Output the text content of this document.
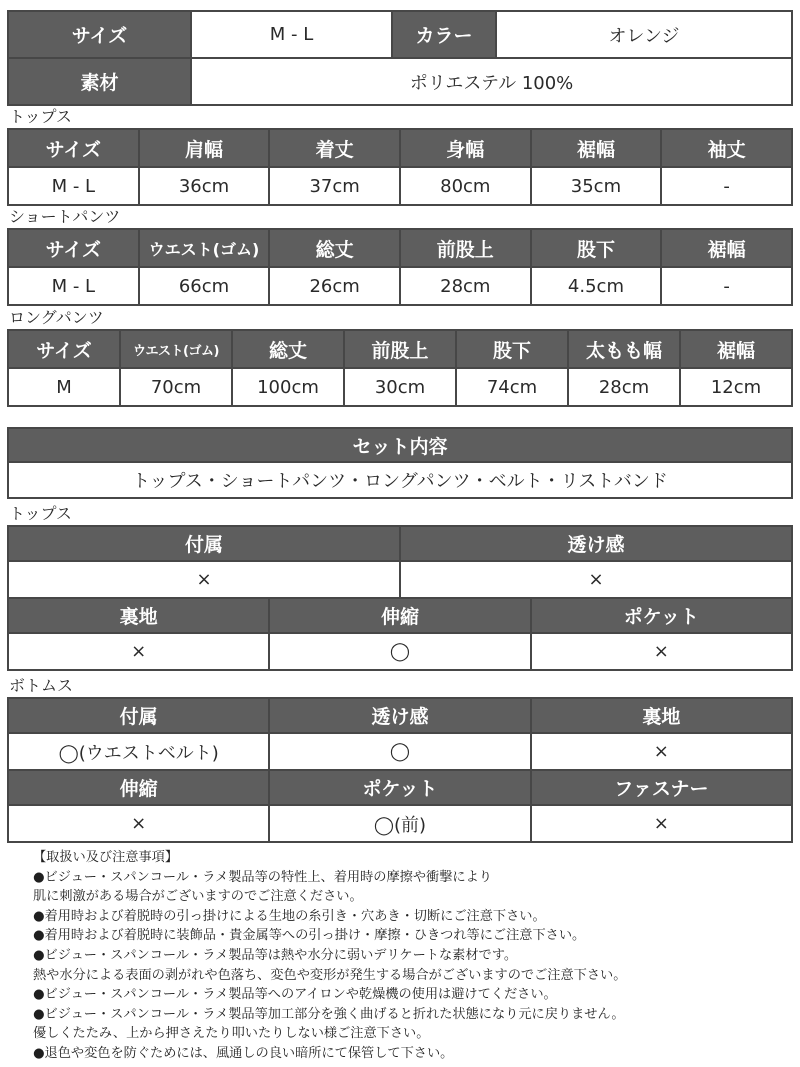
サイズ	M - L	カラー	オレンジ
素材	ポリエステル 100%		
トップス
サイズ	肩幅	着丈	身幅	裾幅	袖丈
M - L	36cm	37cm	80cm	35cm	-
ショートパンツ
サイズ	ウエスト(ゴム)	総丈	前股上	股下	裾幅
M - L	66cm	26cm	28cm	4.5cm	-
ロングパンツ
サイズ	ウエスト(ゴム)	総丈	前股上	股下	太もも幅	裾幅
M	70cm	100cm	30cm	74cm	28cm	12cm
セット内容
トップス・ショートパンツ・ロングパンツ・ベルト・リストバンド
トップス
付属	透け感
×	×
裏地	伸縮	ポケット
×	◯	×
ボトムス
付属	透け感	裏地
◯(ウエストベルト)	◯	×
伸縮	ポケット	ファスナー
×	◯(前)	×
【取扱い及び注意事項】
●ビジュー・スパンコール・ラメ製品等の特性上、着用時の摩擦や衝撃により
肌に刺激がある場合がございますのでご注意ください。
●着用時および着脱時の引っ掛けによる生地の糸引き・穴あき・切断にご注意下さい。
●着用時および着脱時に装飾品・貴金属等への引っ掛け・摩擦・ひきつれ等にご注意下さい。
●ビジュー・スパンコール・ラメ製品等は熱や水分に弱いデリケートな素材です。
熱や水分による表面の剥がれや色落ち、変色や変形が発生する場合がございますのでご注意下さい。
●ビジュー・スパンコール・ラメ製品等へのアイロンや乾燥機の使用は避けてください。
●ビジュー・スパンコール・ラメ製品等加工部分を強く曲げると折れた状態になり元に戻りません。
優しくたたみ、上から押さえたり叩いたりしない様ご注意下さい。
●退色や変色を防ぐためには、風通しの良い暗所にて保管して下さい。
